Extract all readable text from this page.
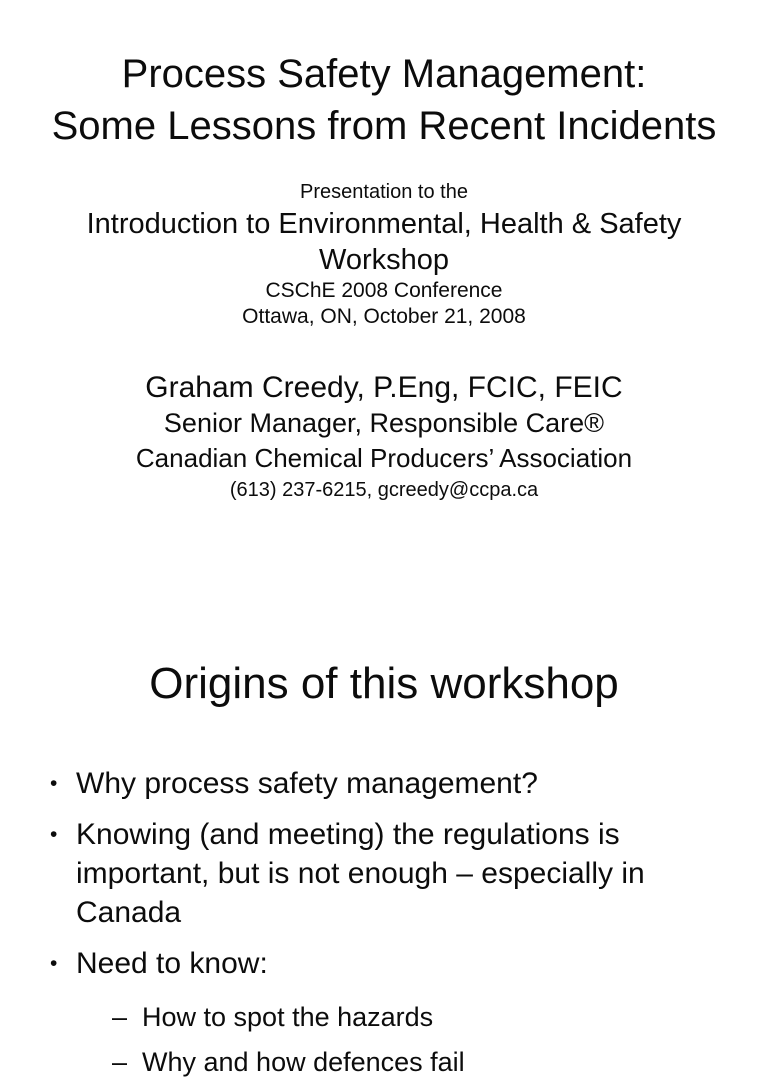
Process Safety Management:
Some Lessons from Recent Incidents
Presentation to the
Introduction to Environmental, Health & Safety
Workshop
CSChE 2008 Conference
Ottawa, ON, October 21, 2008
Graham Creedy, P.Eng, FCIC, FEIC
Senior Manager, Responsible Care®
Canadian Chemical Producers’ Association
(613) 237-6215, gcreedy@ccpa.ca
Origins of this workshop
• Why process safety management?
• Knowing (and meeting) the regulations is important, but is not enough – especially in Canada
• Need to know:
– How to spot the hazards
– Why and how defences fail
